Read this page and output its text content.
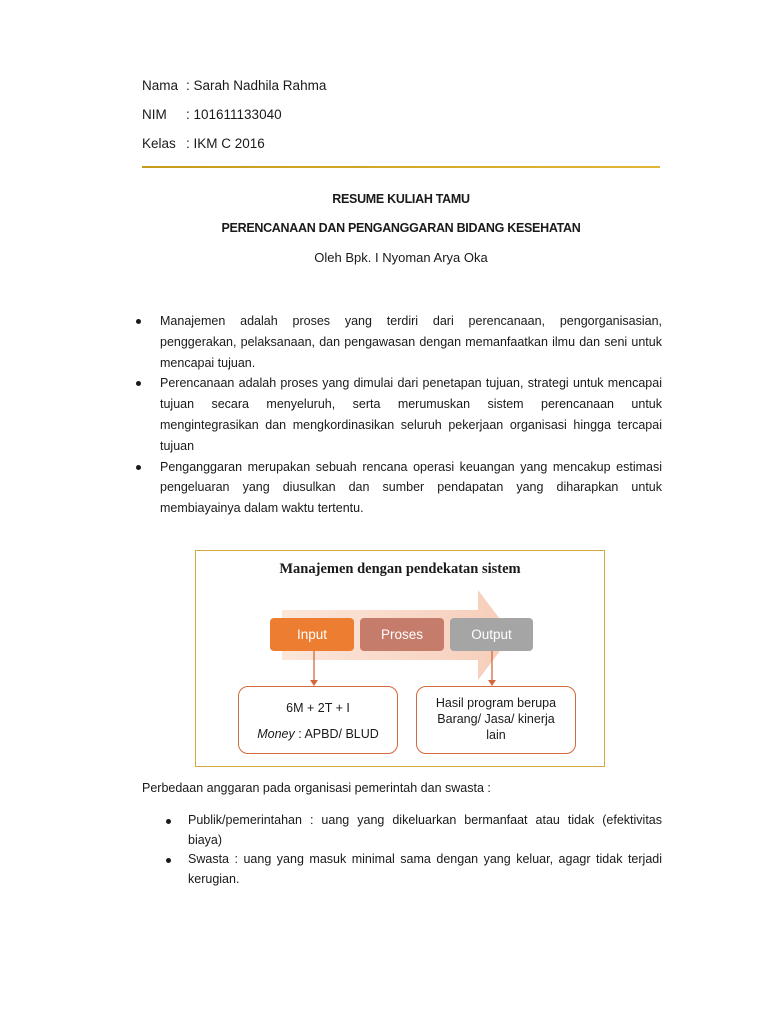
Nama : Sarah Nadhila Rahma
NIM	: 101611133040
Kelas : IKM C 2016
RESUME KULIAH TAMU
PERENCANAAN DAN PENGANGGARAN BIDANG KESEHATAN
Oleh Bpk. I Nyoman Arya Oka
Manajemen adalah proses yang terdiri dari perencanaan, pengorganisasian, penggerakan, pelaksanaan, dan pengawasan dengan memanfaatkan ilmu dan seni untuk mencapai tujuan.
Perencanaan adalah proses yang dimulai dari penetapan tujuan, strategi untuk mencapai tujuan secara menyeluruh, serta merumuskan sistem perencanaan untuk mengintegrasikan dan mengkordinasikan seluruh pekerjaan organisasi hingga tercapai tujuan
Penganggaran merupakan sebuah rencana operasi keuangan yang mencakup estimasi pengeluaran yang diusulkan dan sumber pendapatan yang diharapkan untuk membiayainya dalam waktu tertentu.
Manajemen dengan pendekatan sistem
Input	Proses	Output
6M + 2T + I
Money : APBD/ BLUD
Hasil program berupa
Barang/ Jasa/ kinerja
lain
Perbedaan anggaran pada organisasi pemerintah dan swasta :
Publik/pemerintahan : uang yang dikeluarkan bermanfaat atau tidak (efektivitas biaya)
Swasta : uang yang masuk minimal sama dengan yang keluar, agagr tidak terjadi kerugian.
